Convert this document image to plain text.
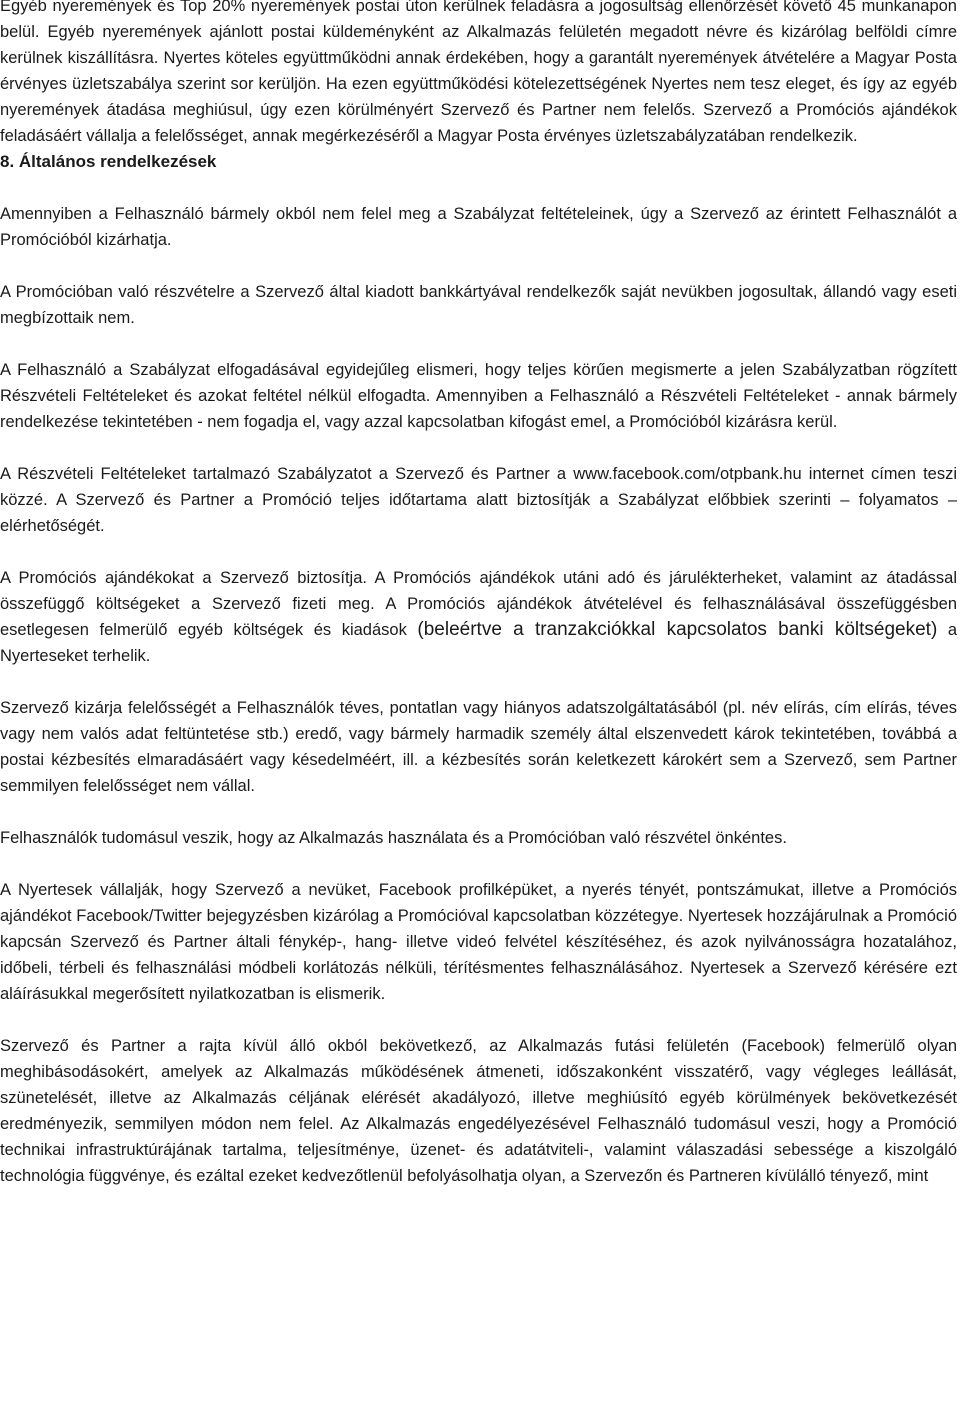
Egyéb nyeremények és Top 20% nyeremények postai úton kerülnek feladásra a jogosultság ellenőrzését követő 45 munkanapon belül. Egyéb nyeremények ajánlott postai küldeményként az Alkalmazás felületén megadott névre és kizárólag belföldi címre kerülnek kiszállításra. Nyertes köteles együttműködni annak érdekében, hogy a garantált nyeremények átvételére a Magyar Posta érvényes üzletszabálya szerint sor kerüljön. Ha ezen együttműködési kötelezettségének Nyertes nem tesz eleget, és így az egyéb nyeremények átadása meghiúsul, úgy ezen körülményért Szervező és Partner nem felelős. Szervező a Promóciós ajándékok feladásáért vállalja a felelősséget, annak megérkezéséről a Magyar Posta érvényes üzletszabályzatában rendelkezik.

8. Általános rendelkezések

Amennyiben a Felhasználó bármely okból nem felel meg a Szabályzat feltételeinek, úgy a Szervező az érintett Felhasználót a Promócióból kizárhatja.

A Promócióban való részvételre a Szervező által kiadott bankkártyával rendelkezők saját nevükben jogosultak, állandó vagy eseti megbízottaik nem.

A Felhasználó a Szabályzat elfogadásával egyidejűleg elismeri, hogy teljes körűen megismerte a jelen Szabályzatban rögzített Részvételi Feltételeket és azokat feltétel nélkül elfogadta. Amennyiben a Felhasználó a Részvételi Feltételeket - annak bármely rendelkezése tekintetében - nem fogadja el, vagy azzal kapcsolatban kifogást emel, a Promócióból kizárásra kerül.

A Részvételi Feltételeket tartalmazó Szabályzatot a Szervező és Partner a www.facebook.com/otpbank.hu internet címen teszi közzé. A Szervező és Partner a Promóció teljes időtartama alatt biztosítják a Szabályzat előbbiek szerinti – folyamatos – elérhetőségét.

A Promóciós ajándékokat a Szervező biztosítja. A Promóciós ajándékok utáni adó és járulékterheket, valamint az átadással összefüggő költségeket a Szervező fizeti meg. A Promóciós ajándékok átvételével és felhasználásával összefüggésben esetlegesen felmerülő egyéb költségek és kiadások (beleértve a tranzakciókkal kapcsolatos banki költségeket) a Nyerteseket terhelik.

Szervező kizárja felelősségét a Felhasználók téves, pontatlan vagy hiányos adatszolgáltatásából (pl. név elírás, cím elírás, téves vagy nem valós adat feltüntetése stb.) eredő, vagy bármely harmadik személy által elszenvedett károk tekintetében, továbbá a postai kézbesítés elmaradásáért vagy késedelméért, ill. a kézbesítés során keletkezett károkért sem a Szervező, sem Partner semmilyen felelősséget nem vállal.

Felhasználók tudomásul veszik, hogy az Alkalmazás használata és a Promócióban való részvétel önkéntes.

A Nyertesek vállalják, hogy Szervező a nevüket, Facebook profilképüket, a nyerés tényét, pontszámukat, illetve a Promóciós ajándékot Facebook/Twitter bejegyzésben kizárólag a Promócióval kapcsolatban közzétegye. Nyertesek hozzájárulnak a Promóció kapcsán Szervező és Partner általi fénykép-, hang- illetve videó felvétel készítéséhez, és azok nyilvánosságra hozatalához, időbeli, térbeli és felhasználási módbeli korlátozás nélküli, térítésmentes felhasználásához. Nyertesek a Szervező kérésére ezt aláírásukkal megerősített nyilatkozatban is elismerik.

Szervező és Partner a rajta kívül álló okból bekövetkező, az Alkalmazás futási felületén (Facebook) felmerülő olyan meghibásodásokért, amelyek az Alkalmazás működésének átmeneti, időszakonként visszatérő, vagy végleges leállását, szünetelését, illetve az Alkalmazás céljának elérését akadályozó, illetve meghiúsító egyéb körülmények bekövetkezését eredményezik, semmilyen módon nem felel. Az Alkalmazás engedélyezésével Felhasználó tudomásul veszi, hogy a Promóció technikai infrastruktúrájának tartalma, teljesítménye, üzenet- és adatátviteli-, valamint válaszadási sebessége a kiszolgáló technológia függvénye, és ezáltal ezeket kedvezőtlenül befolyásolhatja olyan, a Szervezőn és Partneren kívülálló tényező, mint
